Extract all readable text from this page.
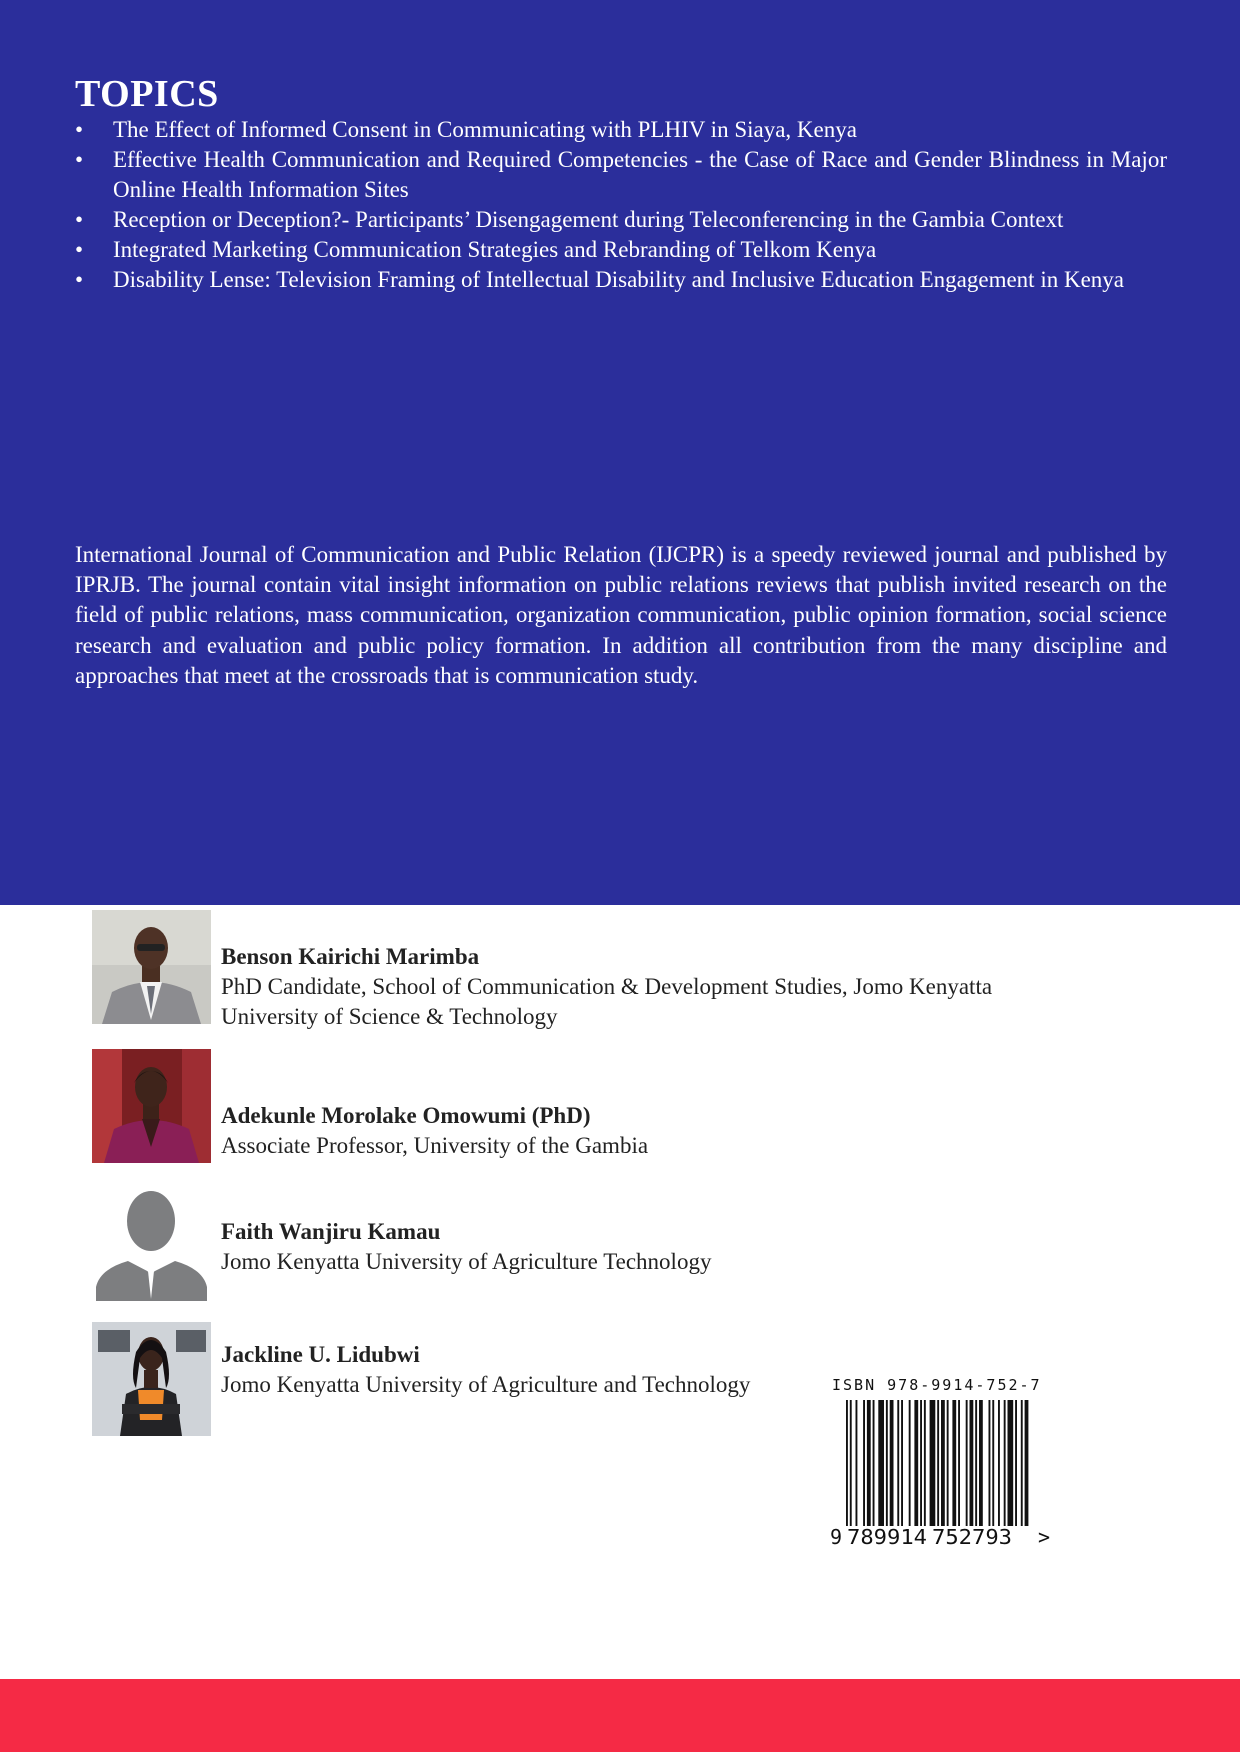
TOPICS
• The Effect of Informed Consent in Communicating with PLHIV in Siaya, Kenya
• Effective Health Communication and Required Competencies - the Case of Race and Gender Blindness in Major Online Health Information Sites
• Reception or Deception?- Participants’ Disengagement during Teleconferencing in the Gambia Context
• Integrated Marketing Communication Strategies and Rebranding of Telkom Kenya
• Disability Lense: Television Framing of Intellectual Disability and Inclusive Education Engagement in Kenya

International Journal of Communication and Public Relation (IJCPR) is a speedy reviewed journal and published by IPRJB. The journal contain vital insight information on public relations reviews that publish invited research on the field of public relations, mass communication, organization communication, public opinion formation, social science research and evaluation and public policy formation. In addition all contribution from the many discipline and approaches that meet at the crossroads that is communication study.

Benson Kairichi Marimba
PhD Candidate, School of Communication & Development Studies, Jomo Kenyatta
University of Science & Technology
Adekunle Morolake Omowumi (PhD)
Associate Professor, University of the Gambia
Faith Wanjiru Kamau
Jomo Kenyatta University of Agriculture Technology
Jackline U. Lidubwi
Jomo Kenyatta University of Agriculture and Technology	ISBN 978-9914-752-7
9 789914 752793 >
